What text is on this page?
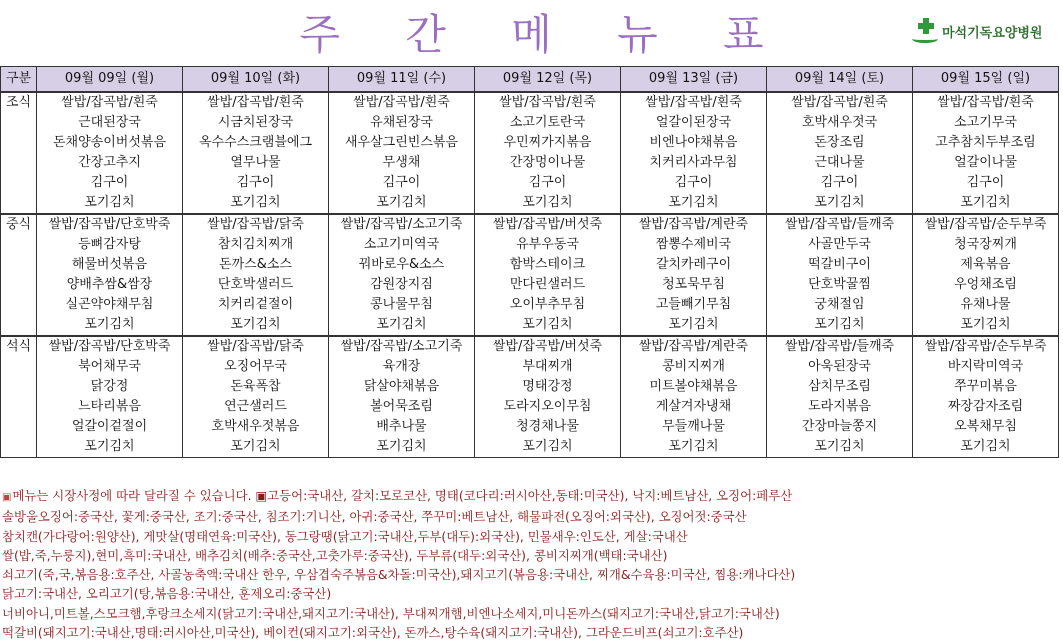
주 간 메 뉴 표	마석기독요양병원
구분	09월 09일 (월)	09월 10일 (화)	09월 11일 (수)	09월 12일 (목)	09월 13일 (금)	09월 14일 (토)	09월 15일 (일)
조식	쌀밥/잡곡밥/흰죽	쌀밥/잡곡밥/흰죽	쌀밥/잡곡밥/흰죽	쌀밥/잡곡밥/흰죽	쌀밥/잡곡밥/흰죽	쌀밥/잡곡밥/흰죽	쌀밥/잡곡밥/흰죽
	근대된장국	시금치된장국	유채된장국	소고기토란국	얼갈이된장국	호박새우젓국	소고기무국
	돈채양송이버섯볶음	옥수수스크램블에그	새우살그린빈스볶음	우민찌가지볶음	비엔나야채볶음	돈장조림	고추참치두부조림
	간장고추지	열무나물	무생채	간장멍이나물	치커리사과무침	근대나물	얼갈이나물
	김구이	김구이	김구이	김구이	김구이	김구이	김구이
	포기김치	포기김치	포기김치	포기김치	포기김치	포기김치	포기김치
중식	쌀밥/잡곡밥/단호박죽	쌀밥/잡곡밥/닭죽	쌀밥/잡곡밥/소고기죽	쌀밥/잡곡밥/버섯죽	쌀밥/잡곡밥/계란죽	쌀밥/잡곡밥/들깨죽	쌀밥/잡곡밥/순두부죽
	등뼈감자탕	참치김치찌개	소고기미역국	유부우동국	짬뽕수제비국	사골만두국	청국장찌개
	해물버섯볶음	돈까스&소스	꿔바로우&소스	함박스테이크	갈치카레구이	떡갈비구이	제육볶음
	양배추쌈&쌈장	단호박샐러드	감원장지짐	만다린샐러드	청포묵무침	단호박꿀찜	우엉채조림
	실곤약야채무침	치커리겉절이	콩나물무침	오이부추무침	고들빼기무침	궁채절임	유채나물
	포기김치	포기김치	포기김치	포기김치	포기김치	포기김치	포기김치
석식	쌀밥/잡곡밥/단호박죽	쌀밥/잡곡밥/닭죽	쌀밥/잡곡밥/소고기죽	쌀밥/잡곡밥/버섯죽	쌀밥/잡곡밥/계란죽	쌀밥/잡곡밥/들깨죽	쌀밥/잡곡밥/순두부죽
	북어채무국	오징어무국	육개장	부대찌개	콩비지찌개	아욱된장국	바지락미역국
	닭강정	돈육폭찹	닭살야채볶음	명태강정	미트볼야채볶음	삼치무조림	쭈꾸미볶음
	느타리볶음	연근샐러드	볼어묵조림	도라지오이무침	게살겨자냉채	도라지볶음	짜장감자조림
	얼갈이겉절이	호박새우젓볶음	배추나물	청경채나물	무들깨나물	간장마늘쫑지	오복채무침
	포기김치	포기김치	포기김치	포기김치	포기김치	포기김치	포기김치
▣메뉴는 시장사정에 따라 달라질 수 있습니다. ▣고등어:국내산, 갈치:모로코산, 명태(코다리:러시아산,동태:미국산), 낙지:베트남산, 오징어:페루산
솔방울오징어:중국산, 꽃게:중국산, 조기:중국산, 침조기:기니산, 아귀:중국산, 쭈꾸미:베트남산, 해물파전(오징어:외국산), 오징어젓:중국산
참치캔(가다랑어:원양산), 게맛살(명태연육:미국산), 동그랑땡(닭고기:국내산,두부(대두):외국산), 민물새우:인도산, 게살:국내산
쌀(밥,죽,누룽지),현미,흑미:국내산, 배추김치(배추:중국산,고춧가루:중국산), 두부류(대두:외국산), 콩비지찌개(백태:국내산)
쇠고기(죽,국,볶음용:호주산, 사골농축액:국내산 한우, 우삼겹숙주볶음&차돌:미국산),돼지고기(볶음용:국내산, 찌개&수육용:미국산, 찜용:캐나다산)
닭고기:국내산, 오리고기(탕,볶음용:국내산, 훈제오리:중국산)
너비아니,미트볼,스모크햄,후랑크소세지(닭고기:국내산,돼지고기:국내산), 부대찌개햄,비엔나소세지,미니돈까스(돼지고기:국내산,닭고기:국내산)
떡갈비(돼지고기:국내산,명태:러시아산,미국산), 베이컨(돼지고기:외국산), 돈까스,탕수육(돼지고기:국내산), 그라운드비프(쇠고기:호주산)
